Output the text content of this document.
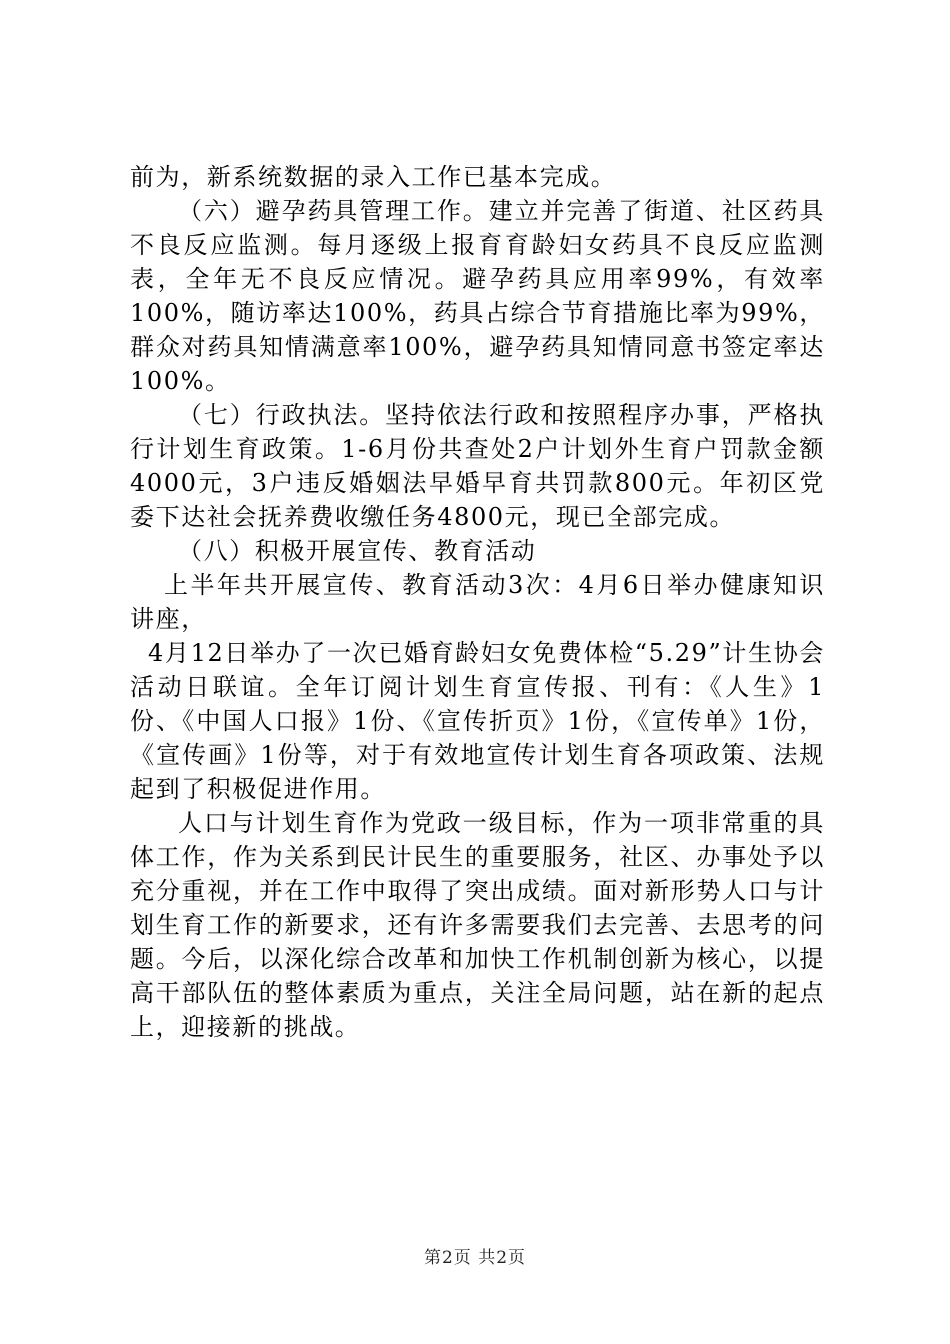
前为，新系统数据的录入工作已基本完成。

（六）避孕药具管理工作。建立并完善了街道、社区药具不良反应监测。每月逐级上报育育龄妇女药具不良反应监测表，全年无不良反应情况。避孕药具应用率99%，有效率100%，随访率达100%，药具占综合节育措施比率为99%，群众对药具知情满意率100%，避孕药具知情同意书签定率达100%。

（七）行政执法。坚持依法行政和按照程序办事，严格执行计划生育政策。1-6月份共查处2户计划外生育户罚款金额4000元，3户违反婚姻法早婚早育共罚款800元。年初区党委下达社会抚养费收缴任务4800元，现已全部完成。

（八）积极开展宣传、教育活动

上半年共开展宣传、教育活动3次：4月6日举办健康知识讲座，

4月12日举办了一次已婚育龄妇女免费体检“5.29”计生协会活动日联谊。全年订阅计划生育宣传报、刊有：《人生》1份、《中国人口报》1份、《宣传折页》1份，《宣传单》1份，《宣传画》1份等，对于有效地宣传计划生育各项政策、法规起到了积极促进作用。

人口与计划生育作为党政一级目标，作为一项非常重的具体工作，作为关系到民计民生的重要服务，社区、办事处予以充分重视，并在工作中取得了突出成绩。面对新形势人口与计划生育工作的新要求，还有许多需要我们去完善、去思考的问题。今后，以深化综合改革和加快工作机制创新为核心，以提高干部队伍的整体素质为重点，关注全局问题，站在新的起点上，迎接新的挑战。

第2页 共2页
